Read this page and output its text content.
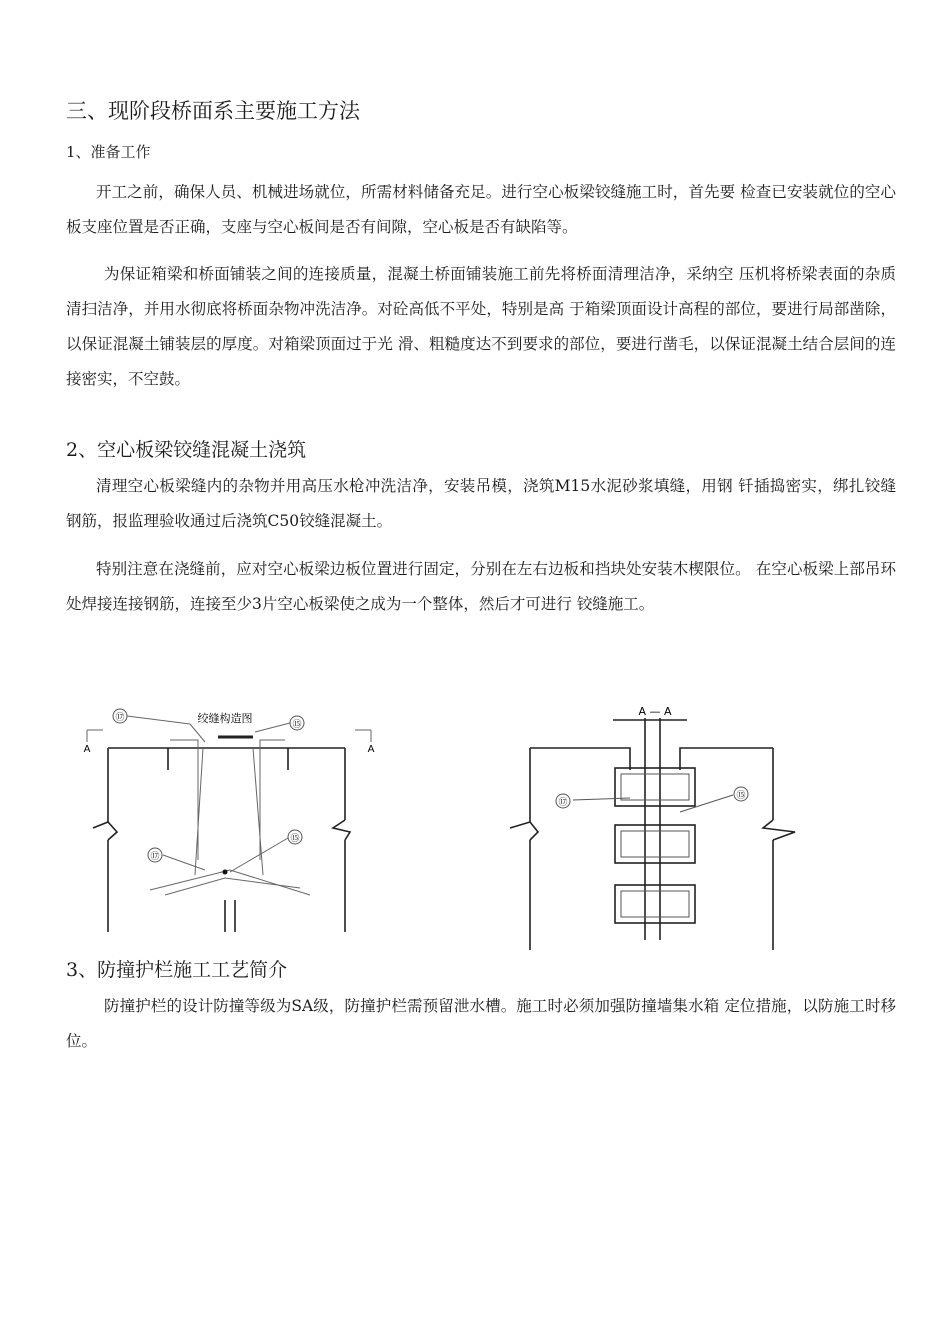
三、现阶段桥面系主要施工方法
1、准备工作

开工之前，确保人员、机械进场就位，所需材料储备充足。进行空心板梁铰缝施工时，首先要 检查已安装就位的空心板支座位置是否正确，支座与空心板间是否有间隙，空心板是否有缺陷等。

为保证箱梁和桥面铺装之间的连接质量，混凝土桥面铺装施工前先将桥面清理洁净，采纳空 压机将桥梁表面的杂质清扫洁净，并用水彻底将桥面杂物冲洗洁净。对砼高低不平处，特别是高 于箱梁顶面设计高程的部位，要进行局部凿除，以保证混凝土铺装层的厚度。对箱梁顶面过于光 滑、粗糙度达不到要求的部位，要进行凿毛，以保证混凝土结合层间的连接密实，不空鼓。

2、空心板梁铰缝混凝土浇筑

清理空心板梁缝内的杂物并用高压水枪冲洗洁净，安装吊模，浇筑M15水泥砂浆填缝，用钢 钎插捣密实，绑扎铰缝钢筋，报监理验收通过后浇筑C50铰缝混凝土。

特别注意在浇缝前，应对空心板梁边板位置进行固定，分别在左右边板和挡块处安装木楔限位。 在空心板梁上部吊环处焊接连接钢筋，连接至少3片空心板梁使之成为一个整体，然后才可进行 铰缝施工。

⑰
⑮
⑮
⑰
绞缝构造图
A	A
⑰
⑮
A — A
3、防撞护栏施工工艺简介

防撞护栏的设计防撞等级为SA级，防撞护栏需预留泄水槽。施工时必须加强防撞墙集水箱 定位措施，以防施工时移位。
